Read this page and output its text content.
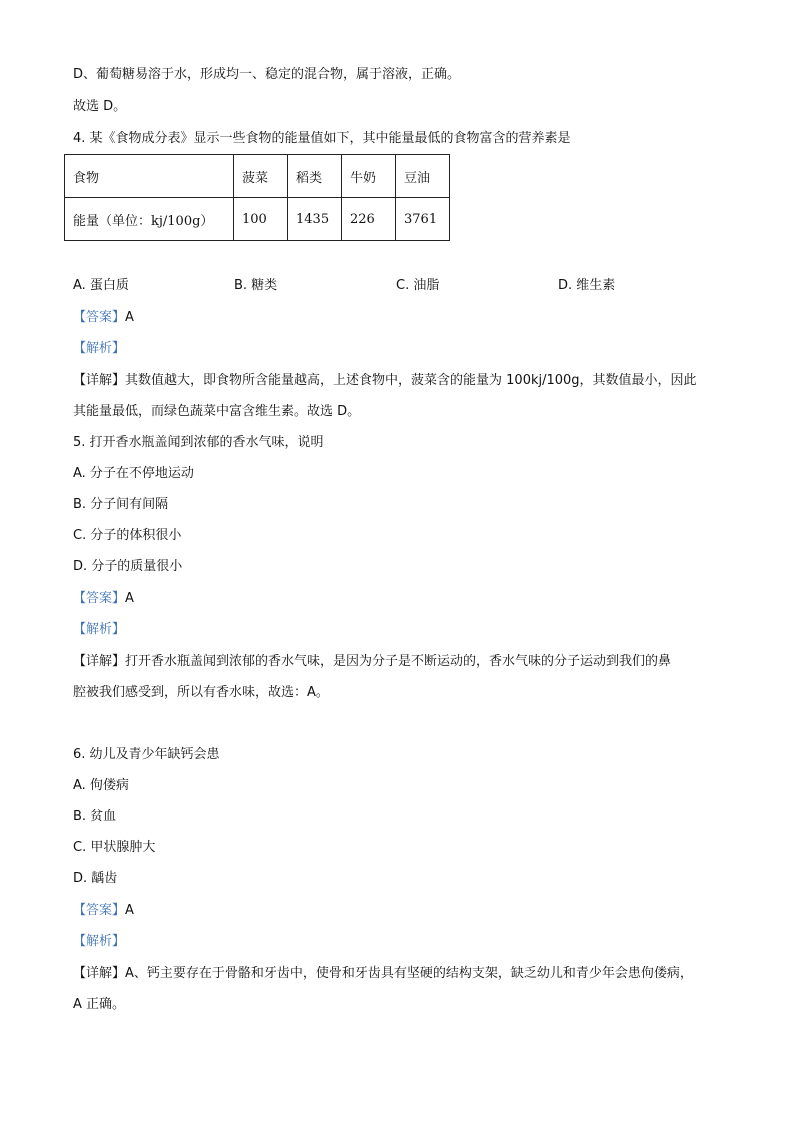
D、葡萄糖易溶于水，形成均一、稳定的混合物，属于溶液，正确。
故选 D。
4. 某《食物成分表》显示一些食物的能量值如下，其中能量最低的食物富含的营养素是
食物	菠菜	稻类	牛奶	豆油
能量（单位：kj/100g）	100	1435	226	3761
A. 蛋白质	B. 糖类	C. 油脂	D. 维生素
【答案】A
【解析】
【详解】其数值越大，即食物所含能量越高，上述食物中，菠菜含的能量为 100kj/100g，其数值最小，因此
其能量最低，而绿色蔬菜中富含维生素。故选 D。
5. 打开香水瓶盖闻到浓郁的香水气味，说明
A. 分子在不停地运动
B. 分子间有间隔
C. 分子的体积很小
D. 分子的质量很小
【答案】A
【解析】
【详解】打开香水瓶盖闻到浓郁的香水气味，是因为分子是不断运动的，香水气味的分子运动到我们的鼻
腔被我们感受到，所以有香水味，故选：A。
6. 幼儿及青少年缺钙会患
A. 佝偻病
B. 贫血
C. 甲状腺肿大
D. 龋齿
【答案】A
【解析】
【详解】A、钙主要存在于骨骼和牙齿中，使骨和牙齿具有坚硬的结构支架，缺乏幼儿和青少年会患佝偻病，
A 正确。
